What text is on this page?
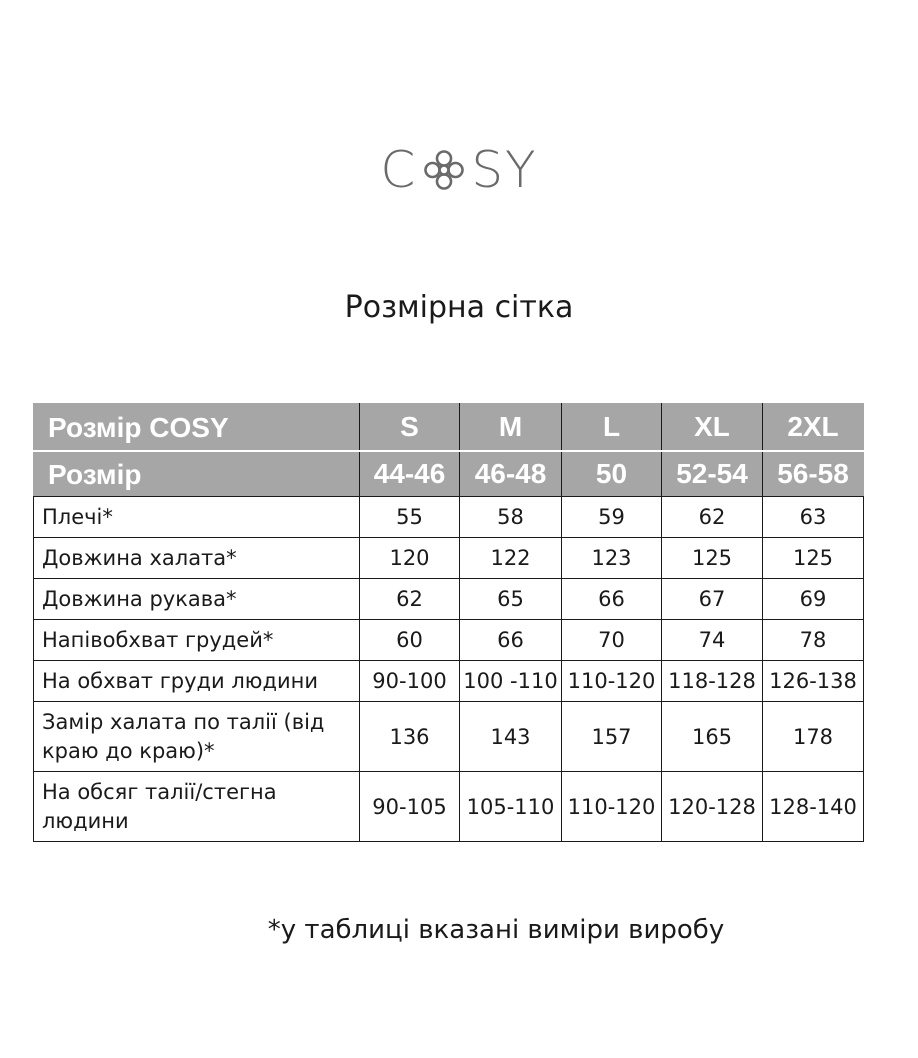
C SY
Розмірна сітка
Розмір COSY	S	M	L	XL	2XL
Розмір	44-46	46-48	50	52-54	56-58
Плечі*	55	58	59	62	63
Довжина халата*	120	122	123	125	125
Довжина рукава*	62	65	66	67	69
Напівобхват грудей*	60	66	70	74	78
На обхват груди людини	90-100	100 -110	110-120	118-128	126-138
Замір халата по талії (від краю до краю)*	136	143	157	165	178
На обсяг талії/стегна людини	90-105	105-110	110-120	120-128	128-140
*у таблиці вказані виміри виробу
